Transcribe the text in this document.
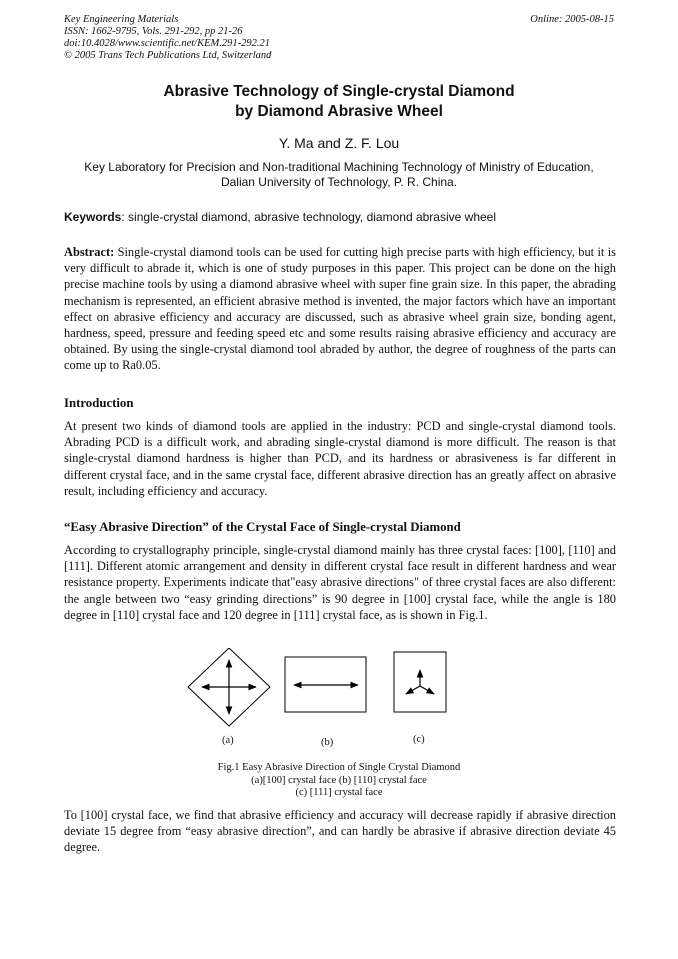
Key Engineering Materials
ISSN: 1662-9795, Vols. 291-292, pp 21-26
doi:10.4028/www.scientific.net/KEM.291-292.21
© 2005 Trans Tech Publications Ltd, Switzerland
Online: 2005-08-15
Abrasive Technology of Single-crystal Diamond
by Diamond Abrasive Wheel
Y. Ma and Z. F. Lou
Key Laboratory for Precision and Non-traditional Machining Technology of Ministry of Education,
Dalian University of Technology, P. R. China.
Keywords: single-crystal diamond, abrasive technology, diamond abrasive wheel
Abstract: Single-crystal diamond tools can be used for cutting high precise parts with high efficiency, but it is very difficult to abrade it, which is one of study purposes in this paper. This project can be done on the high precise machine tools by using a diamond abrasive wheel with super fine grain size. In this paper, the abrading mechanism is represented, an efficient abrasive method is invented, the major factors which have an important effect on abrasive efficiency and accuracy are discussed, such as abrasive wheel grain size, bonding agent, hardness, speed, pressure and feeding speed etc and some results raising abrasive efficiency and accuracy are obtained. By using the single-crystal diamond tool abraded by author, the degree of roughness of the parts can come up to Ra0.05.
Introduction
At present two kinds of diamond tools are applied in the industry: PCD and single-crystal diamond tools. Abrading PCD is a difficult work, and abrading single-crystal diamond is more difficult. The reason is that single-crystal diamond hardness is higher than PCD, and its hardness or abrasiveness is far different in different crystal face, and in the same crystal face, different abrasive direction has an greatly affect on abrasive result, including efficiency and accuracy.
“Easy Abrasive Direction” of the Crystal Face of Single-crystal Diamond
According to crystallography principle, single-crystal diamond mainly has three crystal faces: [100], [110] and [111]. Different atomic arrangement and density in different crystal face result in different hardness and wear resistance property. Experiments indicate that"easy abrasive directions" of three crystal faces are also different: the angle between two “easy grinding directions” is 90 degree in [100] crystal face, while the angle is 180 degree in [110] crystal face and 120 degree in [111] crystal face, as is shown in Fig.1.
(a)	(b)	(c)
Fig.1 Easy Abrasive Direction of Single Crystal Diamond
(a)[100] crystal face (b) [110] crystal face
(c) [111] crystal face
To [100] crystal face, we find that abrasive efficiency and accuracy will decrease rapidly if abrasive direction deviate 15 degree from “easy abrasive direction”, and can hardly be abrasive if abrasive direction deviate 45 degree.
